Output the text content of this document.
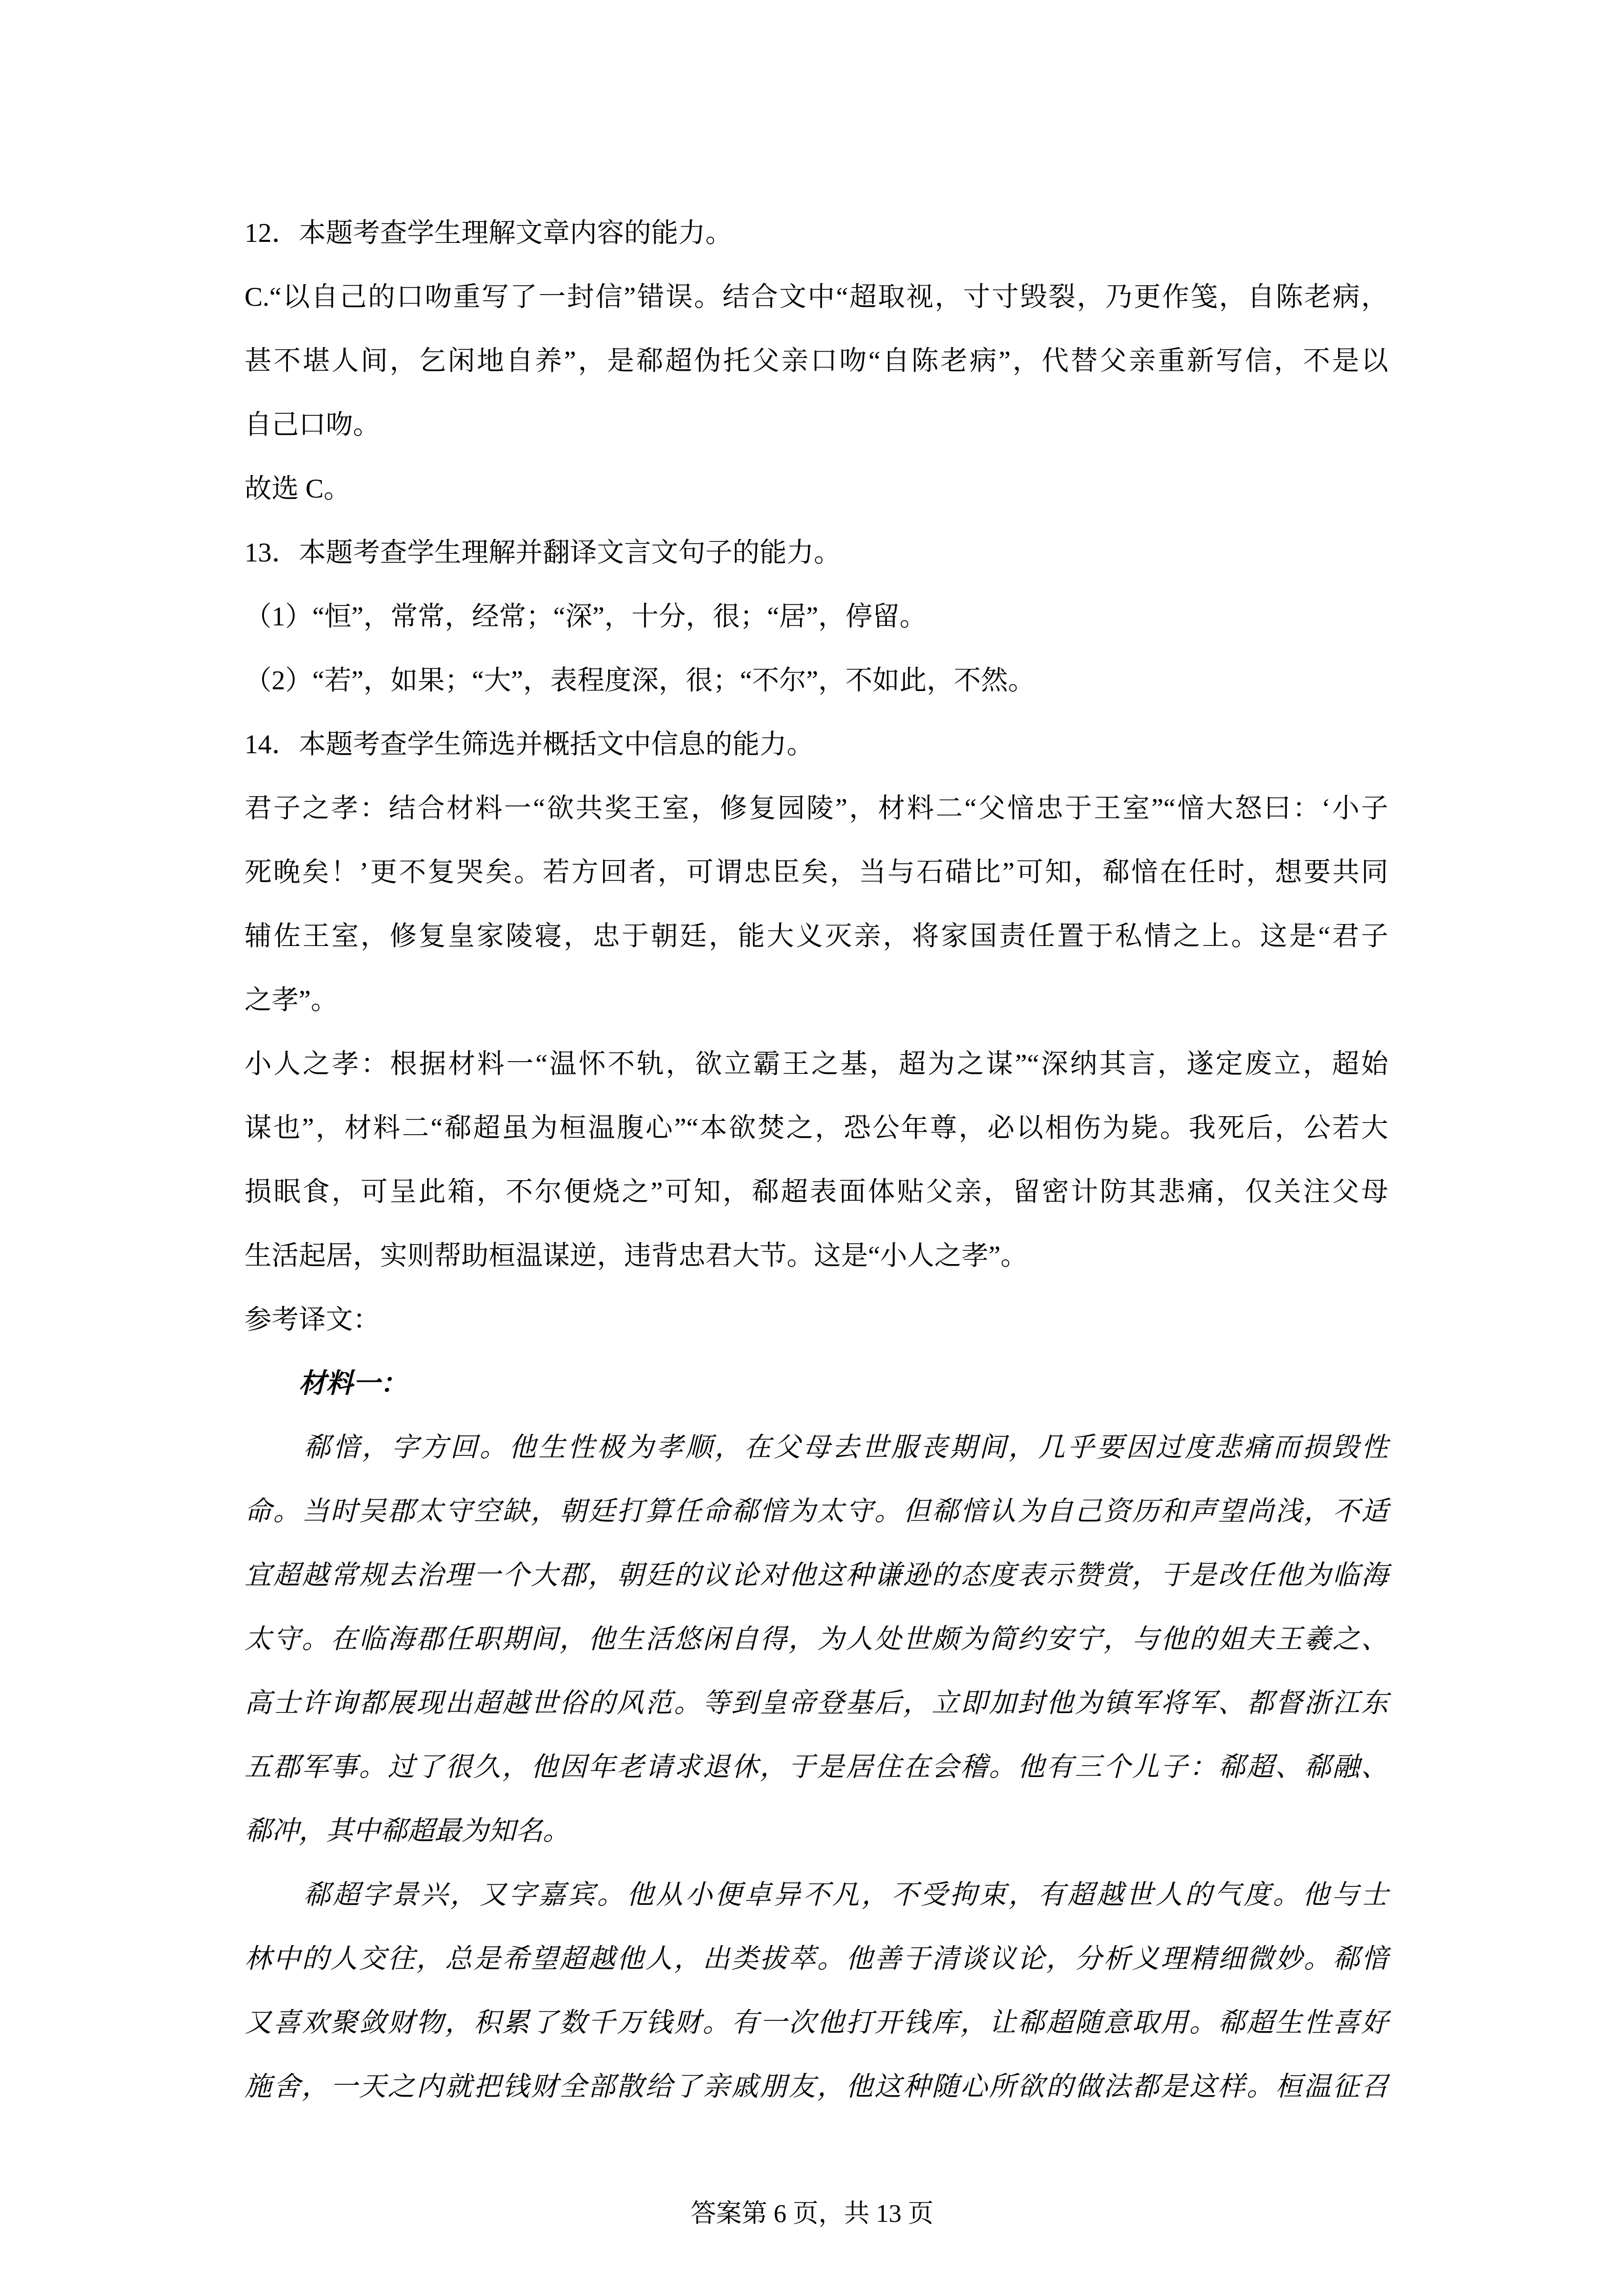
12．本题考查学生理解文章内容的能力。
C.“以自己的口吻重写了一封信”错误。结合文中“超取视，寸寸毁裂，乃更作笺，自陈老病，
甚不堪人间，乞闲地自养”，是郗超伪托父亲口吻“自陈老病”，代替父亲重新写信，不是以
自己口吻。
故选 C。
13．本题考查学生理解并翻译文言文句子的能力。
（1）“恒”，常常，经常；“深”，十分，很；“居”，停留。
（2）“若”，如果；“大”，表程度深，很；“不尔”，不如此，不然。
14．本题考查学生筛选并概括文中信息的能力。
君子之孝：结合材料一“欲共奖王室，修复园陵”，材料二“父愔忠于王室”“愔大怒曰：‘小子
死晚矣！’更不复哭矣。若方回者，可谓忠臣矣，当与石碏比”可知，郗愔在任时，想要共同
辅佐王室，修复皇家陵寝，忠于朝廷，能大义灭亲，将家国责任置于私情之上。这是“君子
之孝”。
小人之孝：根据材料一“温怀不轨，欲立霸王之基，超为之谋”“深纳其言，遂定废立，超始
谋也”，材料二“郗超虽为桓温腹心”“本欲焚之，恐公年尊，必以相伤为毙。我死后，公若大
损眠食，可呈此箱，不尔便烧之”可知，郗超表面体贴父亲，留密计防其悲痛，仅关注父母
生活起居，实则帮助桓温谋逆，违背忠君大节。这是“小人之孝”。
参考译文：
　　材料一：
　　郗愔，字方回。他生性极为孝顺，在父母去世服丧期间，几乎要因过度悲痛而损毁性
命。当时吴郡太守空缺，朝廷打算任命郗愔为太守。但郗愔认为自己资历和声望尚浅，不适
宜超越常规去治理一个大郡，朝廷的议论对他这种谦逊的态度表示赞赏，于是改任他为临海
太守。在临海郡任职期间，他生活悠闲自得，为人处世颇为简约安宁，与他的姐夫王羲之、
高士许询都展现出超越世俗的风范。等到皇帝登基后，立即加封他为镇军将军、都督浙江东
五郡军事。过了很久，他因年老请求退休，于是居住在会稽。他有三个儿子：郗超、郗融、
郗冲，其中郗超最为知名。
　　郗超字景兴，又字嘉宾。他从小便卓异不凡，不受拘束，有超越世人的气度。他与士
林中的人交往，总是希望超越他人，出类拔萃。他善于清谈议论，分析义理精细微妙。郗愔
又喜欢聚敛财物，积累了数千万钱财。有一次他打开钱库，让郗超随意取用。郗超生性喜好
施舍，一天之内就把钱财全部散给了亲戚朋友，他这种随心所欲的做法都是这样。桓温征召
答案第 6 页，共 13 页
